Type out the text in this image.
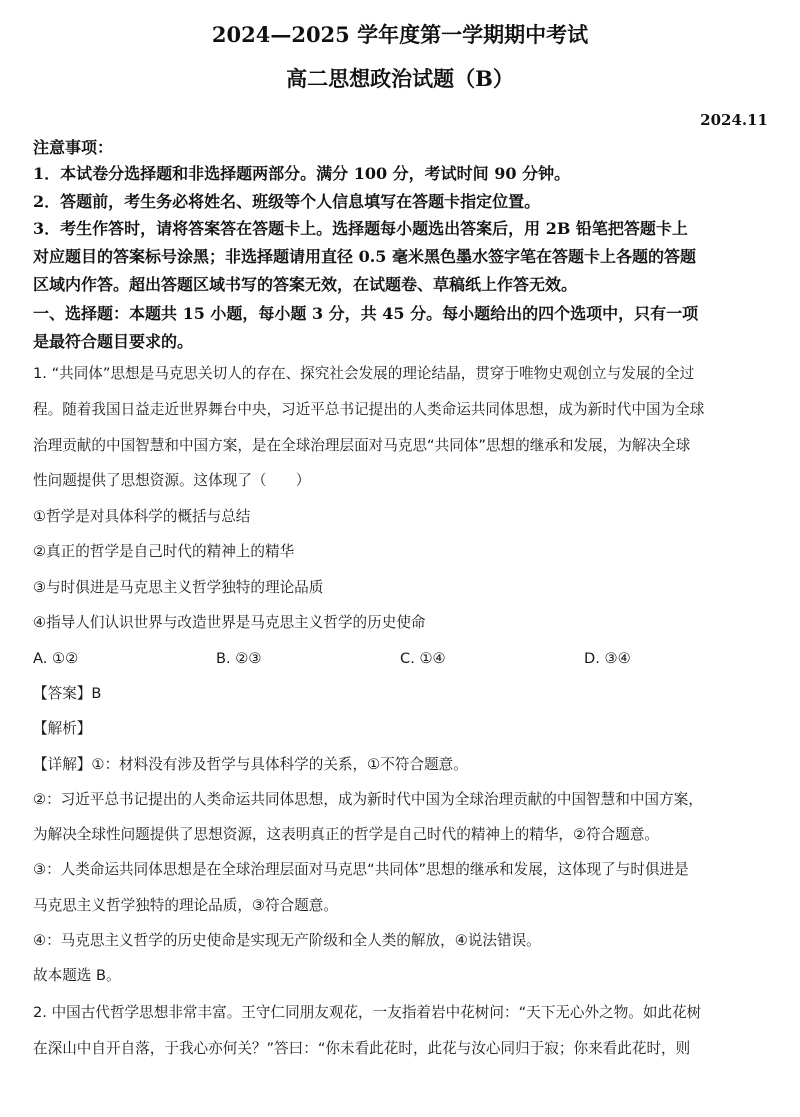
2024—2025 学年度第一学期期中考试
高二思想政治试题（B）
2024.11
注意事项：
1．本试卷分选择题和非选择题两部分。满分 100 分，考试时间 90 分钟。
2．答题前，考生务必将姓名、班级等个人信息填写在答题卡指定位置。
3．考生作答时，请将答案答在答题卡上。选择题每小题选出答案后，用 2B 铅笔把答题卡上
对应题目的答案标号涂黑；非选择题请用直径 0.5 毫米黑色墨水签字笔在答题卡上各题的答题
区域内作答。超出答题区域书写的答案无效，在试题卷、草稿纸上作答无效。
一、选择题：本题共 15 小题，每小题 3 分，共 45 分。每小题给出的四个选项中，只有一项
是最符合题目要求的。
1. “共同体”思想是马克思关切人的存在、探究社会发展的理论结晶，贯穿于唯物史观创立与发展的全过
程。随着我国日益走近世界舞台中央，习近平总书记提出的人类命运共同体思想，成为新时代中国为全球
治理贡献的中国智慧和中国方案，是在全球治理层面对马克思“共同体”思想的继承和发展，为解决全球
性问题提供了思想资源。这体现了（　　）
①哲学是对具体科学的概括与总结
②真正的哲学是自己时代的精神上的精华
③与时俱进是马克思主义哲学独特的理论品质
④指导人们认识世界与改造世界是马克思主义哲学的历史使命
A. ①②	B. ②③	C. ①④	D. ③④
【答案】B
【解析】
【详解】①：材料没有涉及哲学与具体科学的关系，①不符合题意。
②：习近平总书记提出的人类命运共同体思想，成为新时代中国为全球治理贡献的中国智慧和中国方案，
为解决全球性问题提供了思想资源，这表明真正的哲学是自己时代的精神上的精华，②符合题意。
③：人类命运共同体思想是在全球治理层面对马克思“共同体”思想的继承和发展，这体现了与时俱进是
马克思主义哲学独特的理论品质，③符合题意。
④：马克思主义哲学的历史使命是实现无产阶级和全人类的解放，④说法错误。
故本题选 B。
2. 中国古代哲学思想非常丰富。王守仁同朋友观花，一友指着岩中花树问：“天下无心外之物。如此花树
在深山中自开自落，于我心亦何关？”答曰：“你未看此花时，此花与汝心同归于寂；你来看此花时，则
